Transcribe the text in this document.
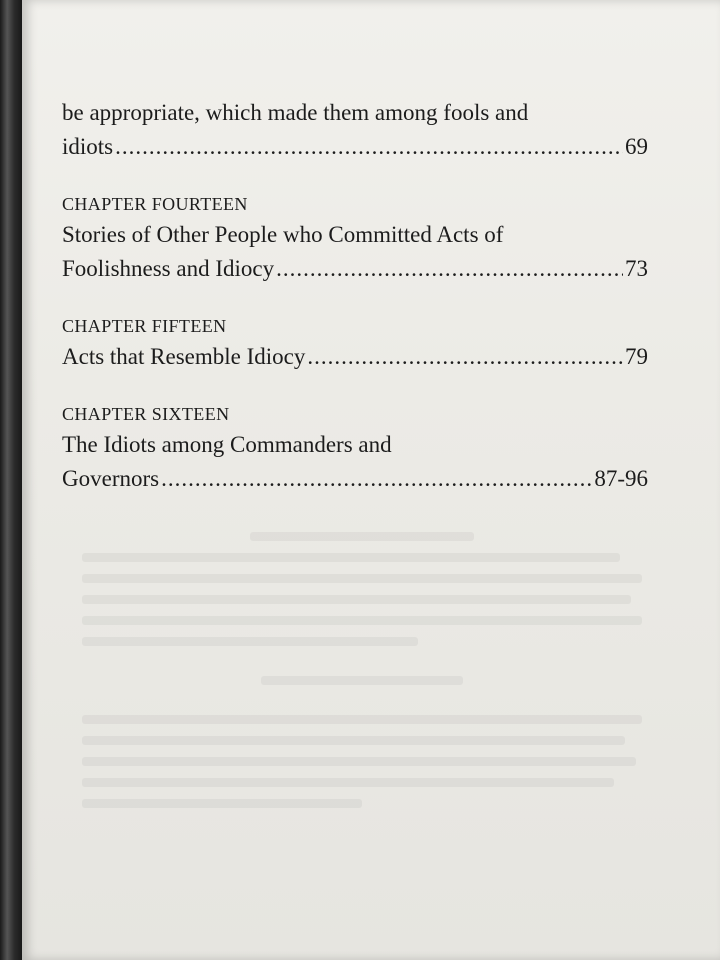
be appropriate, which made them among fools and
idiots .....	69
CHAPTER FOURTEEN
Stories of Other People who Committed Acts of
Foolishness and Idiocy .....	73
CHAPTER FIFTEEN
Acts that Resemble Idiocy .....	79
CHAPTER SIXTEEN
The Idiots among Commanders and
Governors .....	87-96
